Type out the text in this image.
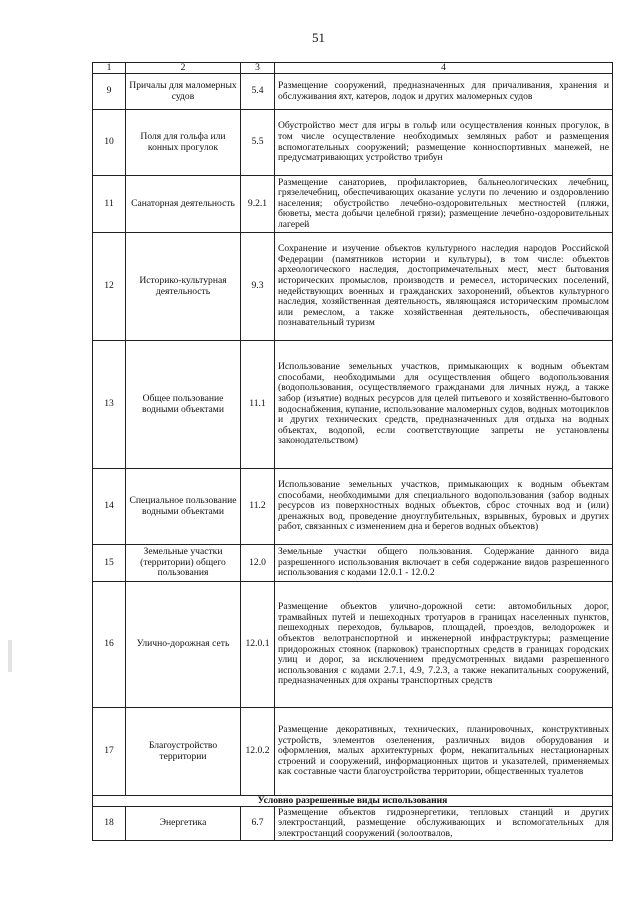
51
1	2	3	4
9	Причалы для маломерных судов	5.4	Размещение сооружений, предназначенных для причаливания, хранения и обслуживания яхт, катеров, лодок и других маломерных судов
10	Поля для гольфа или конных прогулок	5.5	Обустройство мест для игры в гольф или осуществления конных прогулок, в том числе осуществление необходимых земляных работ и размещения вспомогательных сооружений; размещение конноспортивных манежей, не предусматривающих устройство трибун
11	Санаторная деятельность	9.2.1	Размещение санаториев, профилакториев, бальнеологических лечебниц, грязелечебниц, обеспечивающих оказание услуги по лечению и оздоровлению населения; обустройство лечебно-оздоровительных местностей (пляжи, бюветы, места добычи целебной грязи); размещение лечебно-оздоровительных лагерей
12	Историко-культурная деятельность	9.3	Сохранение и изучение объектов культурного наследия народов Российской Федерации (памятников истории и культуры), в том числе: объектов археологического наследия, достопримечательных мест, мест бытования исторических промыслов, производств и ремесел, исторических поселений, недействующих военных и гражданских захоронений, объектов культурного наследия, хозяйственная деятельность, являющаяся историческим промыслом или ремеслом, а также хозяйственная деятельность, обеспечивающая познавательный туризм
13	Общее пользование водными объектами	11.1	Использование земельных участков, примыкающих к водным объектам способами, необходимыми для осуществления общего водопользования (водопользования, осуществляемого гражданами для личных нужд, а также забор (изъятие) водных ресурсов для целей питьевого и хозяйственно-бытового водоснабжения, купание, использование маломерных судов, водных мотоциклов и других технических средств, предназначенных для отдыха на водных объектах, водопой, если соответствующие запреты не установлены законодательством)
14	Специальное пользование водными объектами	11.2	Использование земельных участков, примыкающих к водным объектам способами, необходимыми для специального водопользования (забор водных ресурсов из поверхностных водных объектов, сброс сточных вод и (или) дренажных вод, проведение дноуглубительных, взрывных, буровых и других работ, связанных с изменением дна и берегов водных объектов)
15	Земельные участки (территории) общего пользования	12.0	Земельные участки общего пользования. Содержание данного вида разрешенного использования включает в себя содержание видов разрешенного использования с кодами 12.0.1 - 12.0.2
16	Улично-дорожная сеть	12.0.1	Размещение объектов улично-дорожной сети: автомобильных дорог, трамвайных путей и пешеходных тротуаров в границах населенных пунктов, пешеходных переходов, бульваров, площадей, проездов, велодорожек и объектов велотранспортной и инженерной инфраструктуры; размещение придорожных стоянок (парковок) транспортных средств в границах городских улиц и дорог, за исключением предусмотренных видами разрешенного использования с кодами 2.7.1, 4.9, 7.2.3, а также некапитальных сооружений, предназначенных для охраны транспортных средств
17	Благоустройство территории	12.0.2	Размещение декоративных, технических, планировочных, конструктивных устройств, элементов озеленения, различных видов оборудования и оформления, малых архитектурных форм, некапитальных нестационарных строений и сооружений, информационных щитов и указателей, применяемых как составные части благоустройства территории, общественных туалетов
Условно разрешенные виды использования			
18	Энергетика	6.7	Размещение объектов гидроэнергетики, тепловых станций и других электростанций, размещение обслуживающих и вспомогательных для электростанций сооружений (золоотвалов,
